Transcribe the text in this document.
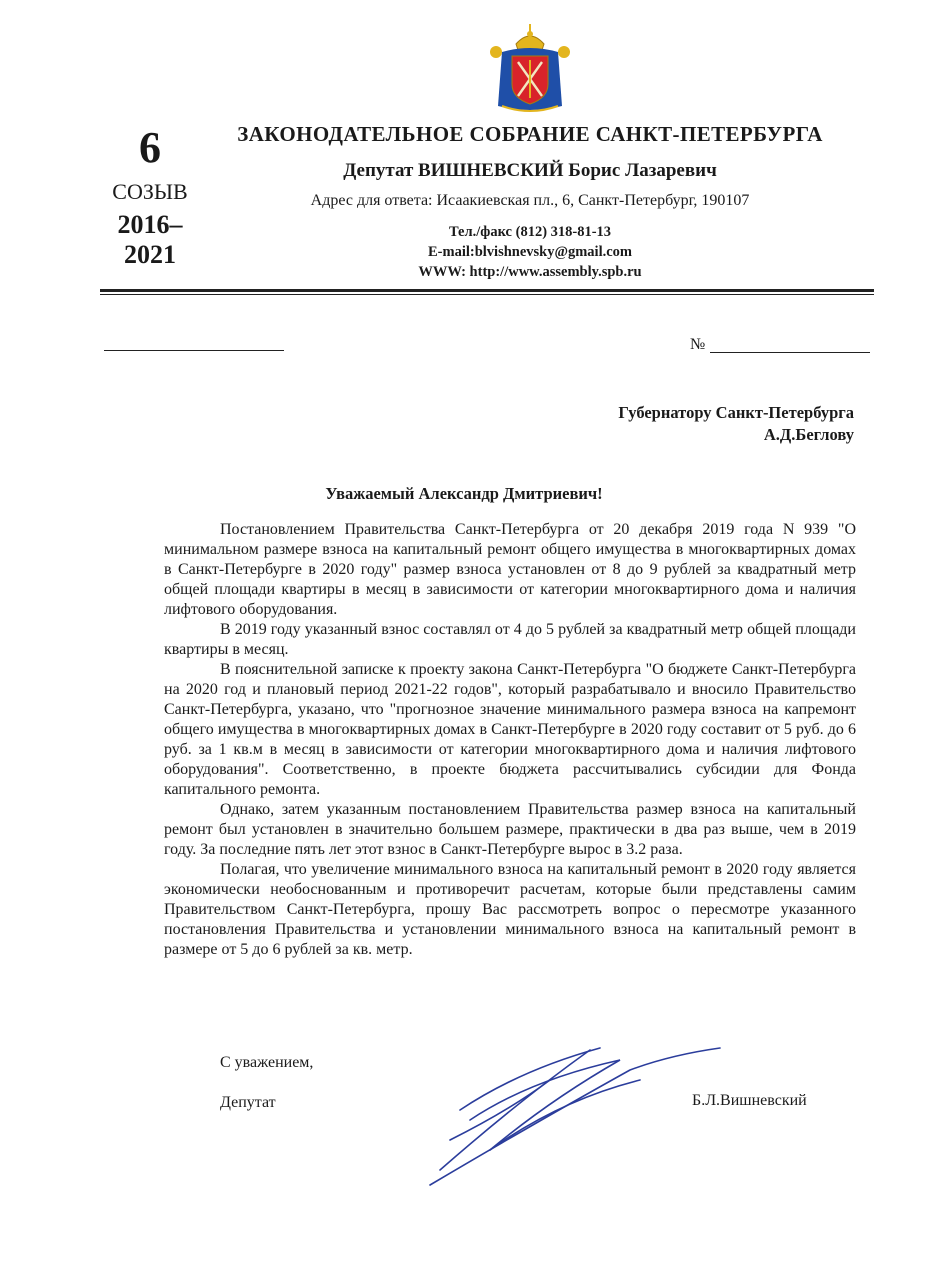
6
СОЗЫВ
2016–
2021
ЗАКОНОДАТЕЛЬНОЕ СОБРАНИЕ САНКТ-ПЕТЕРБУРГА
Депутат ВИШНЕВСКИЙ Борис Лазаревич
Адрес для ответа: Исаакиевская пл., 6, Санкт-Петербург, 190107
Тел./факс (812) 318-81-13
E-mail:blvishnevsky@gmail.com
WWW: http://www.assembly.spb.ru
№
Губернатору Санкт-Петербурга
А.Д.Беглову
Уважаемый Александр Дмитриевич!

Постановлением Правительства Санкт-Петербурга от 20 декабря 2019 года N 939 "О минимальном размере взноса на капитальный ремонт общего имущества в многоквартирных домах в Санкт-Петербурге в 2020 году" размер взноса установлен от 8 до 9 рублей за квадратный метр общей площади квартиры в месяц в зависимости от категории многоквартирного дома и наличия лифтового оборудования.

В 2019 году указанный взнос составлял от 4 до 5 рублей за квадратный метр общей площади квартиры в месяц.

В пояснительной записке к проекту закона Санкт-Петербурга "О бюджете Санкт-Петербурга на 2020 год и плановый период 2021-22 годов", который разрабатывало и вносило Правительство Санкт-Петербурга, указано, что "прогнозное значение минимального размера взноса на капремонт общего имущества в многоквартирных домах в Санкт-Петербурге в 2020 году составит от 5 руб. до 6 руб. за 1 кв.м в месяц в зависимости от категории многоквартирного дома и наличия лифтового оборудования". Соответственно, в проекте бюджета рассчитывались субсидии для Фонда капитального ремонта.

Однако, затем указанным постановлением Правительства размер взноса на капитальный ремонт был установлен в значительно большем размере, практически в два раз выше, чем в 2019 году. За последние пять лет этот взнос в Санкт-Петербурге вырос в 3.2 раза.

Полагая, что увеличение минимального взноса на капитальный ремонт в 2020 году является экономически необоснованным и противоречит расчетам, которые были представлены самим Правительством Санкт-Петербурга, прошу Вас рассмотреть вопрос о пересмотре указанного постановления Правительства и установлении минимального взноса на капитальный ремонт в размере от 5 до 6 рублей за кв. метр.

С уважением,
Депутат	Б.Л.Вишневский
